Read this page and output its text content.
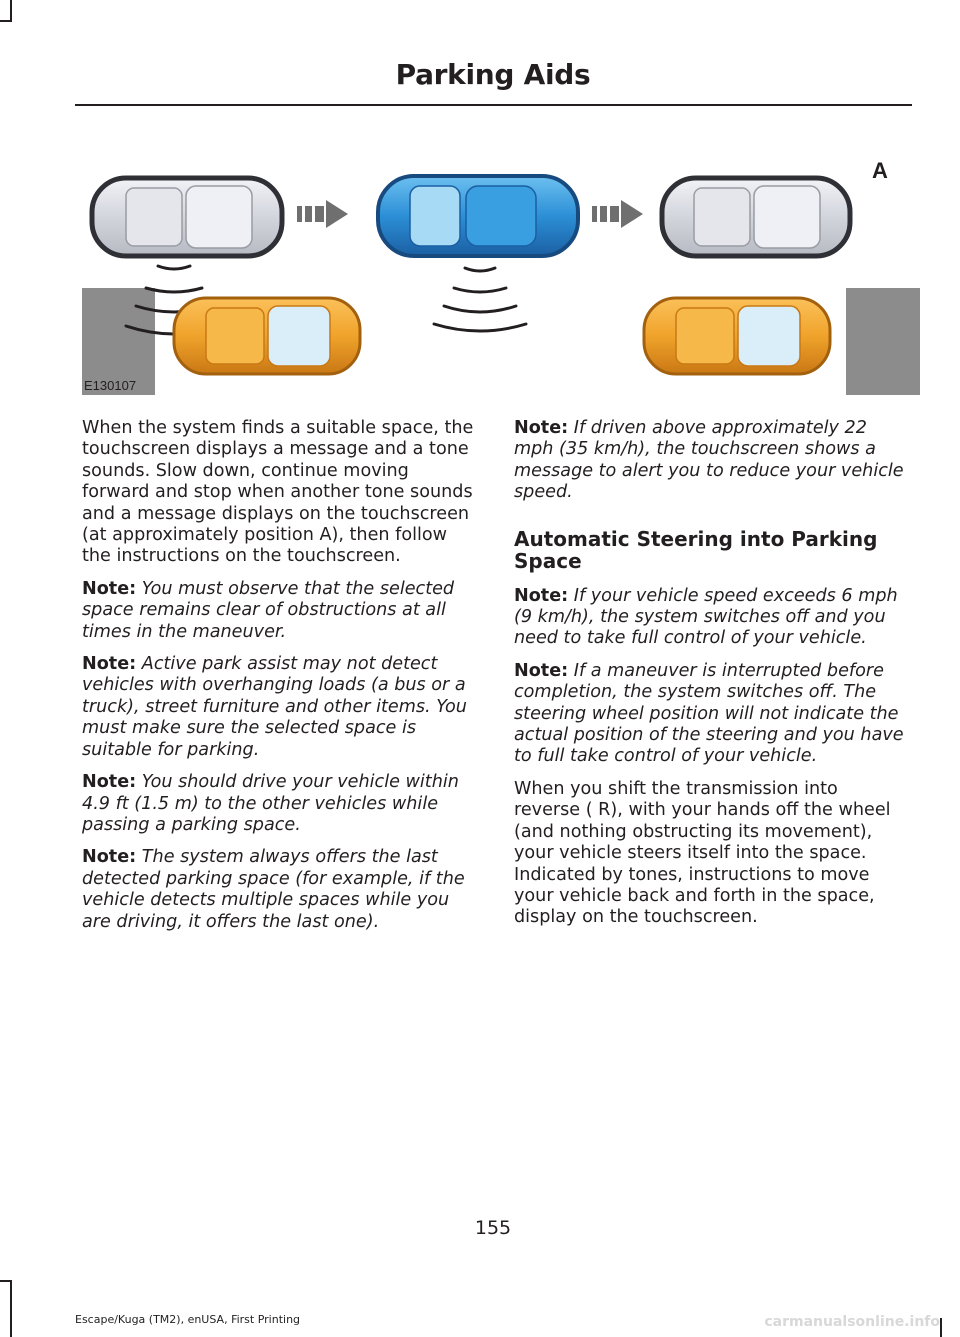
Parking Aids
A
E130107

When the system finds a suitable space, the touchscreen displays a message and a tone sounds. Slow down, continue moving forward and stop when another tone sounds and a message displays on the touchscreen (at approximately position A), then follow the instructions on the touchscreen.

Note: You must observe that the selected space remains clear of obstructions at all times in the maneuver.

Note: Active park assist may not detect vehicles with overhanging loads (a bus or a truck), street furniture and other items. You must make sure the selected space is suitable for parking.

Note: You should drive your vehicle within 4.9 ft (1.5 m) to the other vehicles while passing a parking space.

Note: The system always offers the last detected parking space (for example, if the vehicle detects multiple spaces while you are driving, it offers the last one).

Note: If driven above approximately 22 mph (35 km/h), the touchscreen shows a message to alert you to reduce your vehicle speed.

Automatic Steering into Parking Space

Note: If your vehicle speed exceeds 6 mph (9 km/h), the system switches off and you need to take full control of your vehicle.

Note: If a maneuver is interrupted before completion, the system switches off. The steering wheel position will not indicate the actual position of the steering and you have to full take control of your vehicle.

When you shift the transmission into reverse ( R), with your hands off the wheel (and nothing obstructing its movement), your vehicle steers itself into the space. Indicated by tones, instructions to move your vehicle back and forth in the space, display on the touchscreen.

155
Escape/Kuga (TM2), enUSA, First Printing	carmanualsonline.info
